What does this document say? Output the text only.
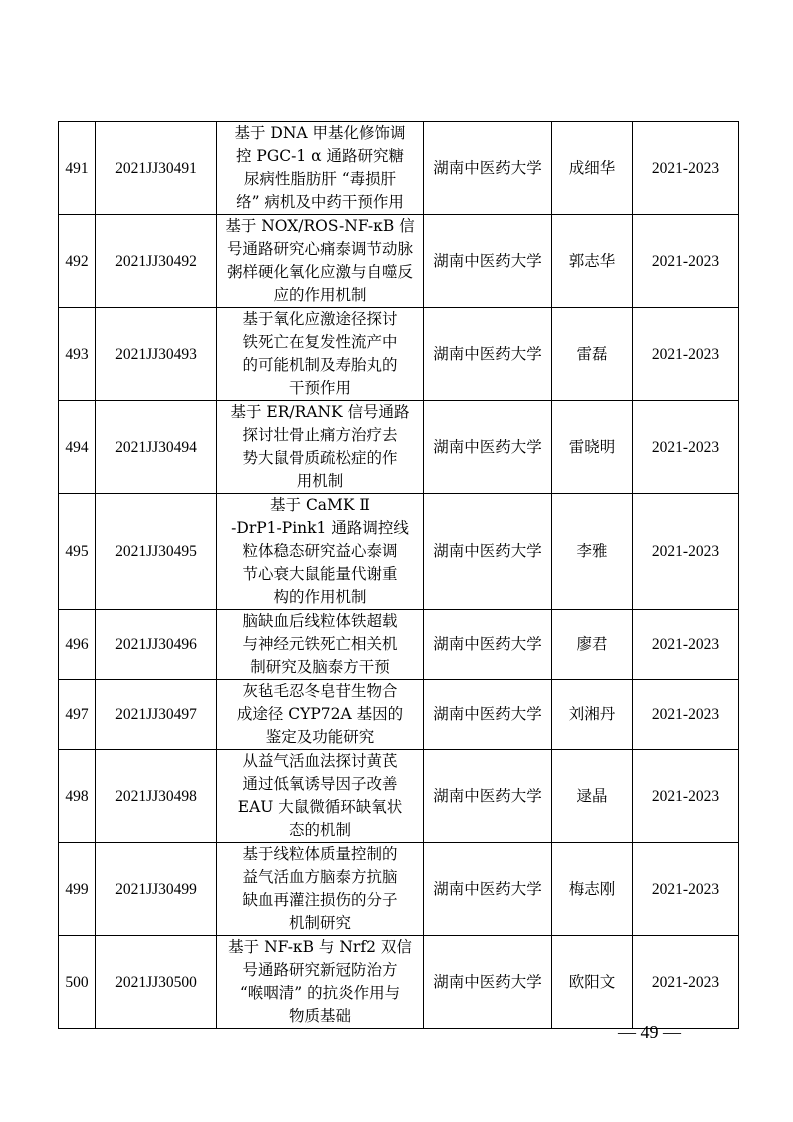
491	2021JJ30491	基于 DNA 甲基化修饰调
控 PGC-1 α 通路研究糖
尿病性脂肪肝 “毒损肝
络” 病机及中药干预作用	湖南中医药大学	成细华	2021-2023
492	2021JJ30492	基于 NOX/ROS-NF-κB 信
号通路研究心痛泰调节动脉
粥样硬化氧化应激与自噬反
应的作用机制	湖南中医药大学	郭志华	2021-2023
493	2021JJ30493	基于氧化应激途径探讨
铁死亡在复发性流产中
的可能机制及寿胎丸的
干预作用	湖南中医药大学	雷磊	2021-2023
494	2021JJ30494	基于 ER/RANK 信号通路
探讨壮骨止痛方治疗去
势大鼠骨质疏松症的作
用机制	湖南中医药大学	雷晓明	2021-2023
495	2021JJ30495	基于 CaMK Ⅱ
-DrP1-Pink1 通路调控线
粒体稳态研究益心泰调
节心衰大鼠能量代谢重
构的作用机制	湖南中医药大学	李雅	2021-2023
496	2021JJ30496	脑缺血后线粒体铁超载
与神经元铁死亡相关机
制研究及脑泰方干预	湖南中医药大学	廖君	2021-2023
497	2021JJ30497	灰毡毛忍冬皂苷生物合
成途径 CYP72A 基因的
鉴定及功能研究	湖南中医药大学	刘湘丹	2021-2023
498	2021JJ30498	从益气活血法探讨黄芪
通过低氧诱导因子改善
EAU 大鼠微循环缺氧状
态的机制	湖南中医药大学	逯晶	2021-2023
499	2021JJ30499	基于线粒体质量控制的
益气活血方脑泰方抗脑
缺血再灌注损伤的分子
机制研究	湖南中医药大学	梅志刚	2021-2023
500	2021JJ30500	基于 NF-κB 与 Nrf2 双信
号通路研究新冠防治方
“喉咽清” 的抗炎作用与
物质基础	湖南中医药大学	欧阳文	2021-2023
— 49 —
